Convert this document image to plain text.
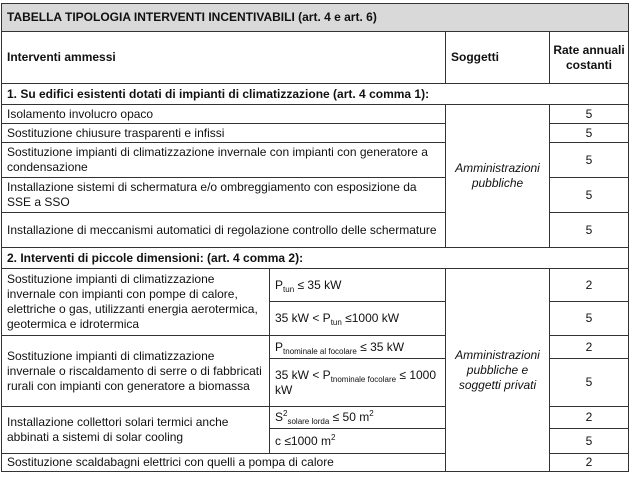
TABELLA TIPOLOGIA INTERVENTI INCENTIVABILI (art. 4 e art. 6)			
Interventi ammessi		Soggetti	Rate annuali costanti
1. Su edifici esistenti dotati di impianti di climatizzazione (art. 4 comma 1):			
Isolamento involucro opaco		Amministrazioni pubbliche	5
Sostituzione chiusure trasparenti e infissi			5
Sostituzione impianti di climatizzazione invernale con impianti con generatore a condensazione			5
Installazione sistemi di schermatura e/o ombreggiamento con esposizione da SSE a SSO			5
Installazione di meccanismi automatici di regolazione controllo delle schermature			5
2. Interventi di piccole dimensioni: (art. 4 comma 2):			
Sostituzione impianti di climatizzazione invernale con impianti con pompe di calore, elettriche o gas, utilizzanti energia aerotermica, geotermica e idrotermica	$P_{tun} \le 35$ kW	Amministrazioni pubbliche e soggetti privati	2
	35 kW < $P_{tun} \le 1000$ kW		5
Sostituzione impianti di climatizzazione invernale o riscaldamento di serre o di fabbricati rurali con impianti con generatore a biomassa	$P_{tnominale al focolare} \le 35$ kW		2
	35 kW < $P_{tnominale focolare} \le 1000$ kW		5
Installazione collettori solari termici anche abbinati a sistemi di solar cooling	$S^2_{solare lorda} \le 50$ $m^2$		2
	c ≤1000 $m^2$		5
Sostituzione scaldabagni elettrici con quelli a pompa di calore			2
